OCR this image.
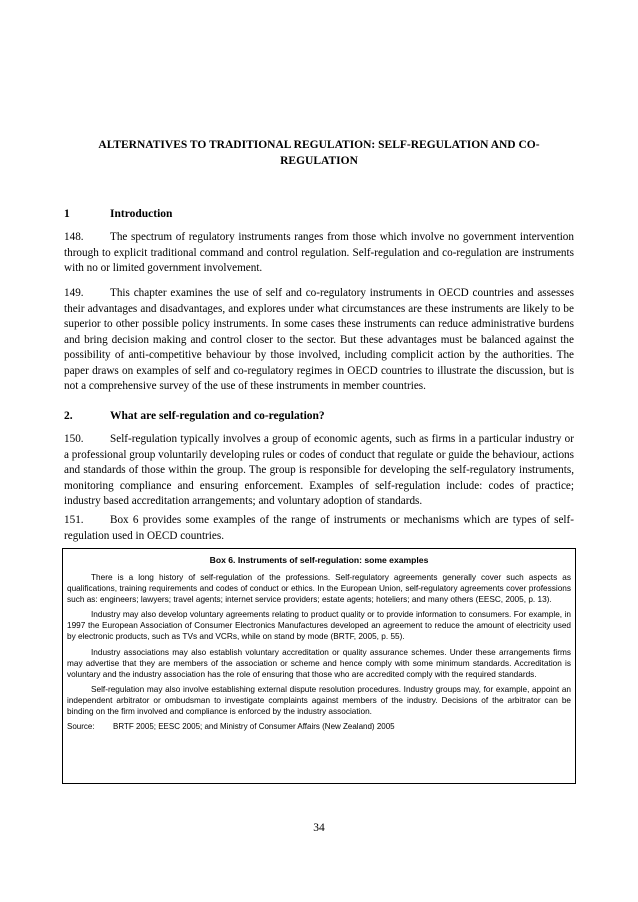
ALTERNATIVES TO TRADITIONAL REGULATION: SELF-REGULATION AND CO-REGULATION
1	Introduction

148. The spectrum of regulatory instruments ranges from those which involve no government intervention through to explicit traditional command and control regulation. Self-regulation and co-regulation are instruments with no or limited government involvement.

149. This chapter examines the use of self and co-regulatory instruments in OECD countries and assesses their advantages and disadvantages, and explores under what circumstances are these instruments are likely to be superior to other possible policy instruments. In some cases these instruments can reduce administrative burdens and bring decision making and control closer to the sector. But these advantages must be balanced against the possibility of anti-competitive behaviour by those involved, including complicit action by the authorities. The paper draws on examples of self and co-regulatory regimes in OECD countries to illustrate the discussion, but is not a comprehensive survey of the use of these instruments in member countries.

2.	What are self-regulation and co-regulation?

150. Self-regulation typically involves a group of economic agents, such as firms in a particular industry or a professional group voluntarily developing rules or codes of conduct that regulate or guide the behaviour, actions and standards of those within the group. The group is responsible for developing the self-regulatory instruments, monitoring compliance and ensuring enforcement. Examples of self-regulation include: codes of practice; industry based accreditation arrangements; and voluntary adoption of standards.

151. Box 6 provides some examples of the range of instruments or mechanisms which are types of self-regulation used in OECD countries.

Box 6. Instruments of self-regulation: some examples

There is a long history of self-regulation of the professions. Self-regulatory agreements generally cover such aspects as qualifications, training requirements and codes of conduct or ethics. In the European Union, self-regulatory agreements cover professions such as: engineers; lawyers; travel agents; internet service providers; estate agents; hoteliers; and many others (EESC, 2005, p. 13).

Industry may also develop voluntary agreements relating to product quality or to provide information to consumers. For example, in 1997 the European Association of Consumer Electronics Manufactures developed an agreement to reduce the amount of electricity used by electronic products, such as TVs and VCRs, while on stand by mode (BRTF, 2005, p. 55).

Industry associations may also establish voluntary accreditation or quality assurance schemes. Under these arrangements firms may advertise that they are members of the association or scheme and hence comply with some minimum standards. Accreditation is voluntary and the industry association has the role of ensuring that those who are accredited comply with the required standards.

Self-regulation may also involve establishing external dispute resolution procedures. Industry groups may, for example, appoint an independent arbitrator or ombudsman to investigate complaints against members of the industry. Decisions of the arbitrator can be binding on the firm involved and compliance is enforced by the industry association.

Source: BRTF 2005; EESC 2005; and Ministry of Consumer Affairs (New Zealand) 2005
34
